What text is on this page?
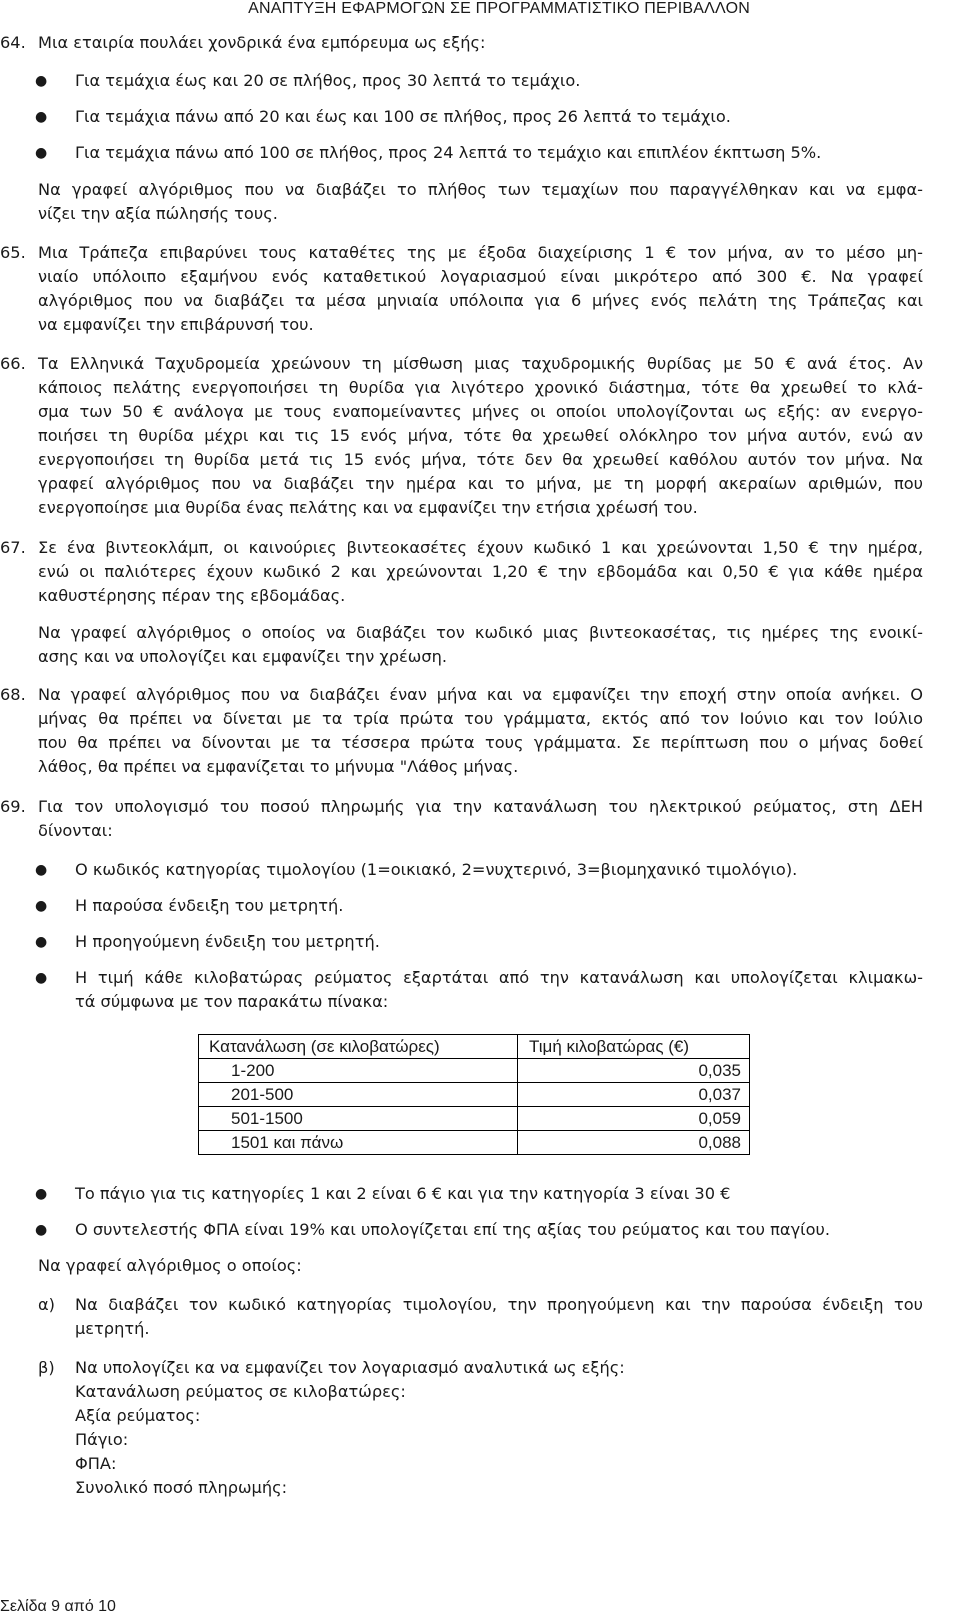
ΑΝΑΠΤΥΞΗ ΕΦΑΡΜΟΓΩΝ ΣΕ ΠΡΟΓΡΑΜΜΑΤΙΣΤΙΚΟ ΠΕΡΙΒΑΛΛΟΝ
64. Μια εταιρία πουλάει χονδρικά ένα εμπόρευμα ως εξής:
● Για τεμάχια έως και 20 σε πλήθος, προς 30 λεπτά το τεμάχιο.
● Για τεμάχια πάνω από 20 και έως και 100 σε πλήθος, προς 26 λεπτά το τεμάχιο.
● Για τεμάχια πάνω από 100 σε πλήθος, προς 24 λεπτά το τεμάχιο και επιπλέον έκπτωση 5%.
Να γραφεί αλγόριθμος που να διαβάζει το πλήθος των τεμαχίων που παραγγέλθηκαν και να εμφα-
νίζει την αξία πώλησής τους.
65. Μια Τράπεζα επιβαρύνει τους καταθέτες της με έξοδα διαχείρισης 1 € τον μήνα, αν το μέσο μη-
νιαίο υπόλοιπο εξαμήνου ενός καταθετικού λογαριασμού είναι μικρότερο από 300 €. Να γραφεί
αλγόριθμος που να διαβάζει τα μέσα μηνιαία υπόλοιπα για 6 μήνες ενός πελάτη της Τράπεζας και
να εμφανίζει την επιβάρυνσή του.
66. Τα Ελληνικά Ταχυδρομεία χρεώνουν τη μίσθωση μιας ταχυδρομικής θυρίδας με 50 € ανά έτος. Αν
κάποιος πελάτης ενεργοποιήσει τη θυρίδα για λιγότερο χρονικό διάστημα, τότε θα χρεωθεί το κλά-
σμα των 50 € ανάλογα με τους εναπομείναντες μήνες οι οποίοι υπολογίζονται ως εξής: αν ενεργο-
ποιήσει τη θυρίδα μέχρι και τις 15 ενός μήνα, τότε θα χρεωθεί ολόκληρο τον μήνα αυτόν, ενώ αν
ενεργοποιήσει τη θυρίδα μετά τις 15 ενός μήνα, τότε δεν θα χρεωθεί καθόλου αυτόν τον μήνα. Να
γραφεί αλγόριθμος που να διαβάζει την ημέρα και το μήνα, με τη μορφή ακεραίων αριθμών, που
ενεργοποίησε μια θυρίδα ένας πελάτης και να εμφανίζει την ετήσια χρέωσή του.
67. Σε ένα βιντεοκλάμπ, οι καινούριες βιντεοκασέτες έχουν κωδικό 1 και χρεώνονται 1,50 € την ημέρα,
ενώ οι παλιότερες έχουν κωδικό 2 και χρεώνονται 1,20 € την εβδομάδα και 0,50 € για κάθε ημέρα
καθυστέρησης πέραν της εβδομάδας.
Να γραφεί αλγόριθμος ο οποίος να διαβάζει τον κωδικό μιας βιντεοκασέτας, τις ημέρες της ενοικί-
ασης και να υπολογίζει και εμφανίζει την χρέωση.
68. Να γραφεί αλγόριθμος που να διαβάζει έναν μήνα και να εμφανίζει την εποχή στην οποία ανήκει. Ο
μήνας θα πρέπει να δίνεται με τα τρία πρώτα του γράμματα, εκτός από τον Ιούνιο και τον Ιούλιο
που θα πρέπει να δίνονται με τα τέσσερα πρώτα τους γράμματα. Σε περίπτωση που ο μήνας δοθεί
λάθος, θα πρέπει να εμφανίζεται το μήνυμα "Λάθος μήνας.
69. Για τον υπολογισμό του ποσού πληρωμής για την κατανάλωση του ηλεκτρικού ρεύματος, στη ΔΕΗ
δίνονται:
● Ο κωδικός κατηγορίας τιμολογίου (1=οικιακό, 2=νυχτερινό, 3=βιομηχανικό τιμολόγιο).
● Η παρούσα ένδειξη του μετρητή.
● Η προηγούμενη ένδειξη του μετρητή.
● Η τιμή κάθε κιλοβατώρας ρεύματος εξαρτάται από την κατανάλωση και υπολογίζεται κλιμακω-
τά σύμφωνα με τον παρακάτω πίνακα:
Κατανάλωση (σε κιλοβατώρες)	Τιμή κιλοβατώρας (€)
1-200	0,035
201-500	0,037
501-1500	0,059
1501 και πάνω	0,088
● Το πάγιο για τις κατηγορίες 1 και 2 είναι 6 € και για την κατηγορία 3 είναι 30 €
● Ο συντελεστής ΦΠΑ είναι 19% και υπολογίζεται επί της αξίας του ρεύματος και του παγίου.
Να γραφεί αλγόριθμος ο οποίος:
α) Να διαβάζει τον κωδικό κατηγορίας τιμολογίου, την προηγούμενη και την παρούσα ένδειξη του
μετρητή.
β) Να υπολογίζει κα να εμφανίζει τον λογαριασμό αναλυτικά ως εξής:
Κατανάλωση ρεύματος σε κιλοβατώρες:
Αξία ρεύματος:
Πάγιο:
ΦΠΑ:
Συνολικό ποσό πληρωμής:
Σελίδα 9 από 10
